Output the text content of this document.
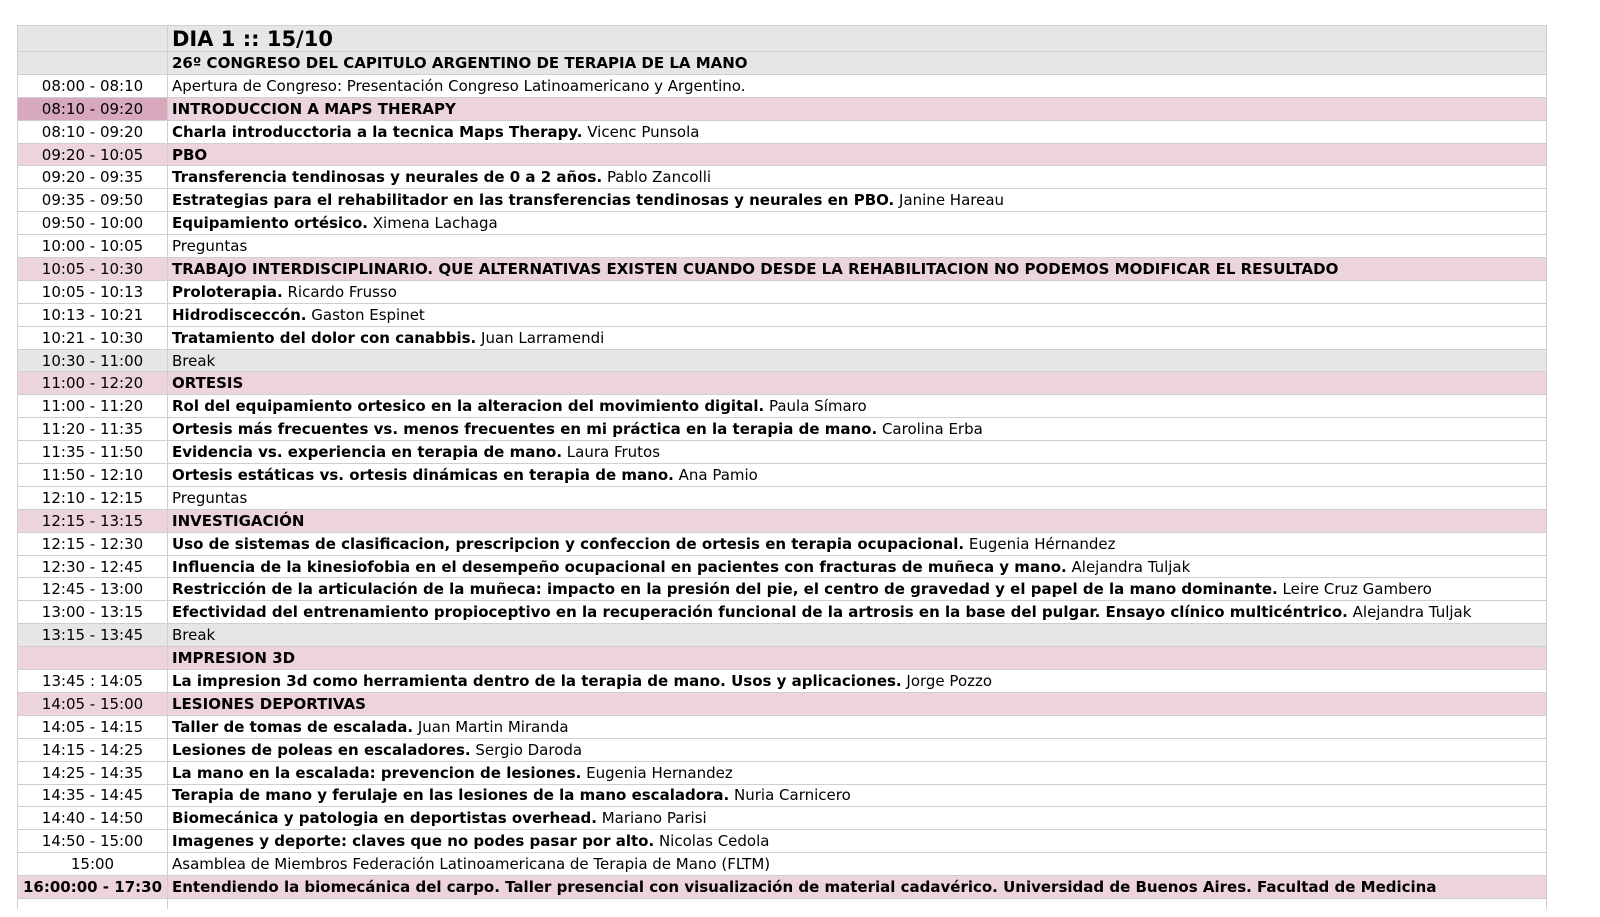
	DIA 1 :: 15/10
	26º CONGRESO DEL CAPITULO ARGENTINO DE TERAPIA DE LA MANO
08:00 - 08:10	Apertura de Congreso: Presentación Congreso Latinoamericano y Argentino.
08:10 - 09:20	INTRODUCCION A MAPS THERAPY
08:10 - 09:20	Charla introducctoria a la tecnica Maps Therapy. Vicenc Punsola
09:20 - 10:05	PBO
09:20 - 09:35	Transferencia tendinosas y neurales de 0 a 2 años. Pablo Zancolli
09:35 - 09:50	Estrategias para el rehabilitador en las transferencias tendinosas y neurales en PBO. Janine Hareau
09:50 - 10:00	Equipamiento ortésico. Ximena Lachaga
10:00 - 10:05	Preguntas
10:05 - 10:30	TRABAJO INTERDISCIPLINARIO. QUE ALTERNATIVAS EXISTEN CUANDO DESDE LA REHABILITACION NO PODEMOS MODIFICAR EL RESULTADO
10:05 - 10:13	Proloterapia. Ricardo Frusso
10:13 - 10:21	Hidrodisceccón. Gaston Espinet
10:21 - 10:30	Tratamiento del dolor con canabbis. Juan Larramendi
10:30 - 11:00	Break
11:00 - 12:20	ORTESIS
11:00 - 11:20	Rol del equipamiento ortesico en la alteracion del movimiento digital. Paula Símaro
11:20 - 11:35	Ortesis más frecuentes vs. menos frecuentes en mi práctica en la terapia de mano. Carolina Erba
11:35 - 11:50	Evidencia vs. experiencia en terapia de mano. Laura Frutos
11:50 - 12:10	Ortesis estáticas vs. ortesis dinámicas en terapia de mano. Ana Pamio
12:10 - 12:15	Preguntas
12:15 - 13:15	INVESTIGACIÓN
12:15 - 12:30	Uso de sistemas de clasificacion, prescripcion y confeccion de ortesis en terapia ocupacional. Eugenia Hérnandez
12:30 - 12:45	Influencia de la kinesiofobia en el desempeño ocupacional en pacientes con fracturas de muñeca y mano. Alejandra Tuljak
12:45 - 13:00	Restricción de la articulación de la muñeca: impacto en la presión del pie, el centro de gravedad y el papel de la mano dominante. Leire Cruz Gambero
13:00 - 13:15	Efectividad del entrenamiento propioceptivo en la recuperación funcional de la artrosis en la base del pulgar. Ensayo clínico multicéntrico. Alejandra Tuljak
13:15 - 13:45	Break
	IMPRESION 3D
13:45 : 14:05	La impresion 3d como herramienta dentro de la terapia de mano. Usos y aplicaciones. Jorge Pozzo
14:05 - 15:00	LESIONES DEPORTIVAS
14:05 - 14:15	Taller de tomas de escalada. Juan Martin Miranda
14:15 - 14:25	Lesiones de poleas en escaladores. Sergio Daroda
14:25 - 14:35	La mano en la escalada: prevencion de lesiones. Eugenia Hernandez
14:35 - 14:45	Terapia de mano y ferulaje en las lesiones de la mano escaladora. Nuria Carnicero
14:40 - 14:50	Biomecánica y patologia en deportistas overhead. Mariano Parisi
14:50 - 15:00	Imagenes y deporte: claves que no podes pasar por alto. Nicolas Cedola
15:00	Asamblea de Miembros Federación Latinoamericana de Terapia de Mano (FLTM)
16:00:00 - 17:30	Entendiendo la biomecánica del carpo. Taller presencial con visualización de material cadavérico. Universidad de Buenos Aires. Facultad de Medicina
